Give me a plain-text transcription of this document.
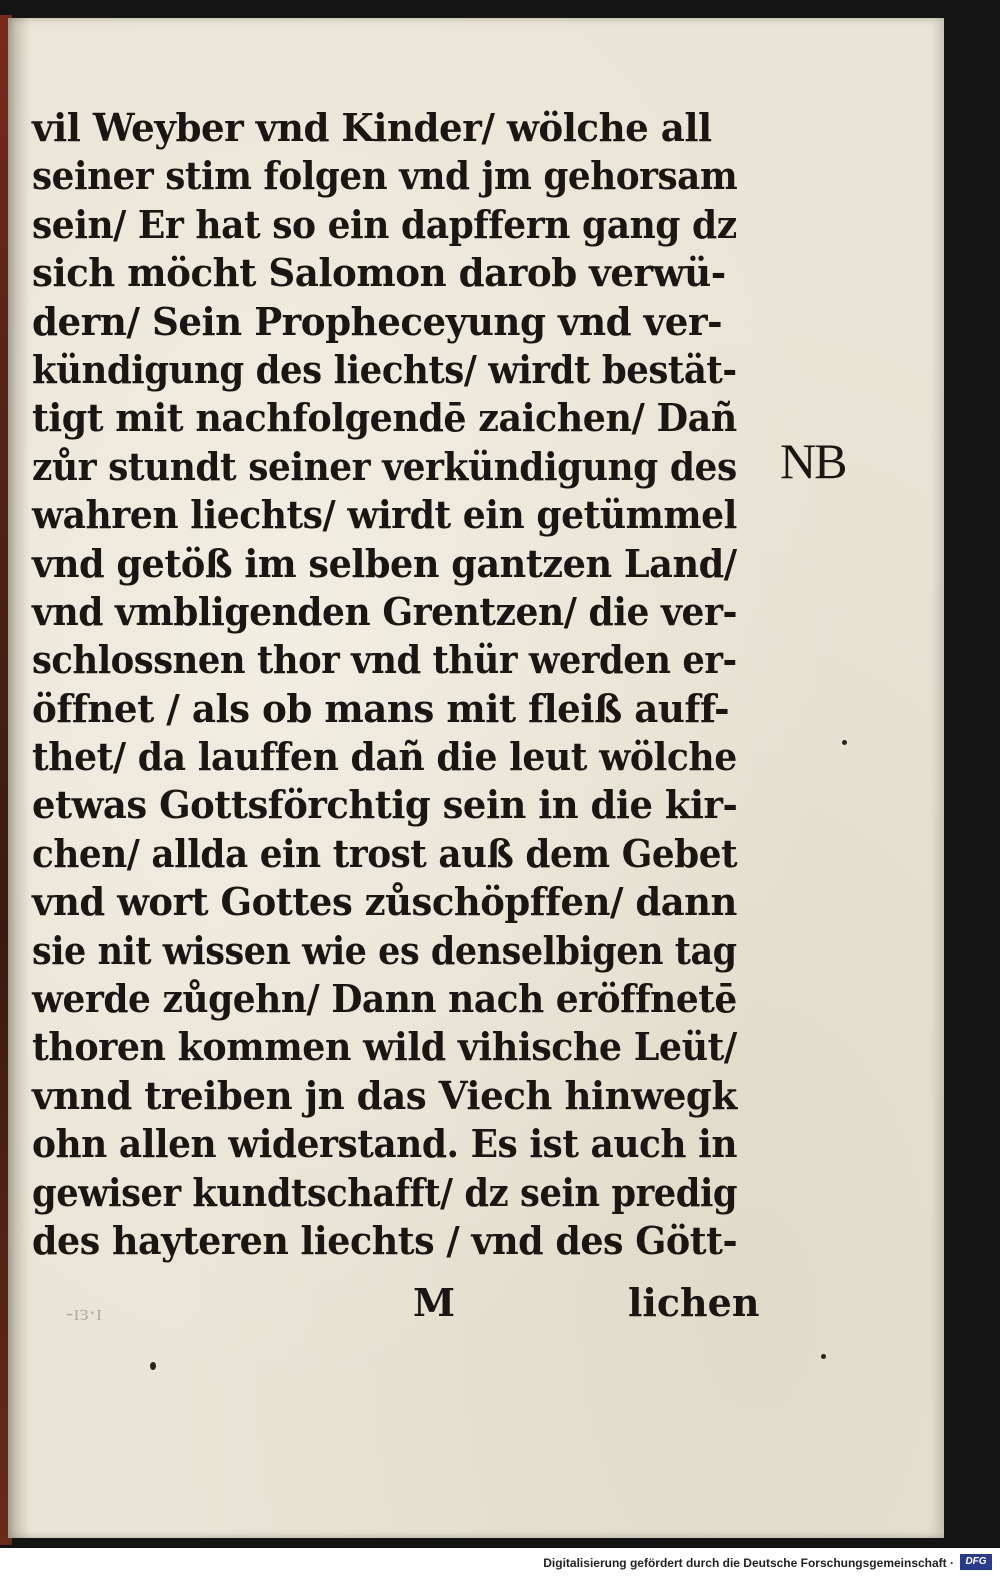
vil Weyber vnd Kinder/ wölche all
seiner stim folgen vnd jm gehorsam
sein/ Er hat so ein dapffern gang dz
sich möcht Salomon darob verwü-
dern/ Sein Propheceyung vnd ver-
kündigung des liechts/ wirdt bestät-
tigt mit nachfolgendē zaichen/ Dañ
zůr stundt seiner verkündigung des
wahren liechts/ wirdt ein getümmel
vnd getöß im selben gantzen Land/
vnd vmbligenden Grentzen/ die ver-
schlossnen thor vnd thür werden er-
öffnet / als ob mans mit fleiß auff-
thet/ da lauffen dañ die leut wölche
etwas Gottsförchtig sein in die kir-
chen/ allda ein trost auß dem Gebet
vnd wort Gottes zůschöpffen/ dann
sie nit wissen wie es denselbigen tag
werde zůgehn/ Dann nach eröffnetē
thoren kommen wild vihische Leüt/
vnnd treiben jn das Viech hinwegk
ohn allen widerstand. Es ist auch in
gewiser kundtschafft/ dz sein predig
des hayteren liechts / vnd des Gött-
NB
-ɪɜ·ɪ	M	lichen
Digitalisierung gefördert durch die Deutsche Forschungsgemeinschaft ·	DFG
